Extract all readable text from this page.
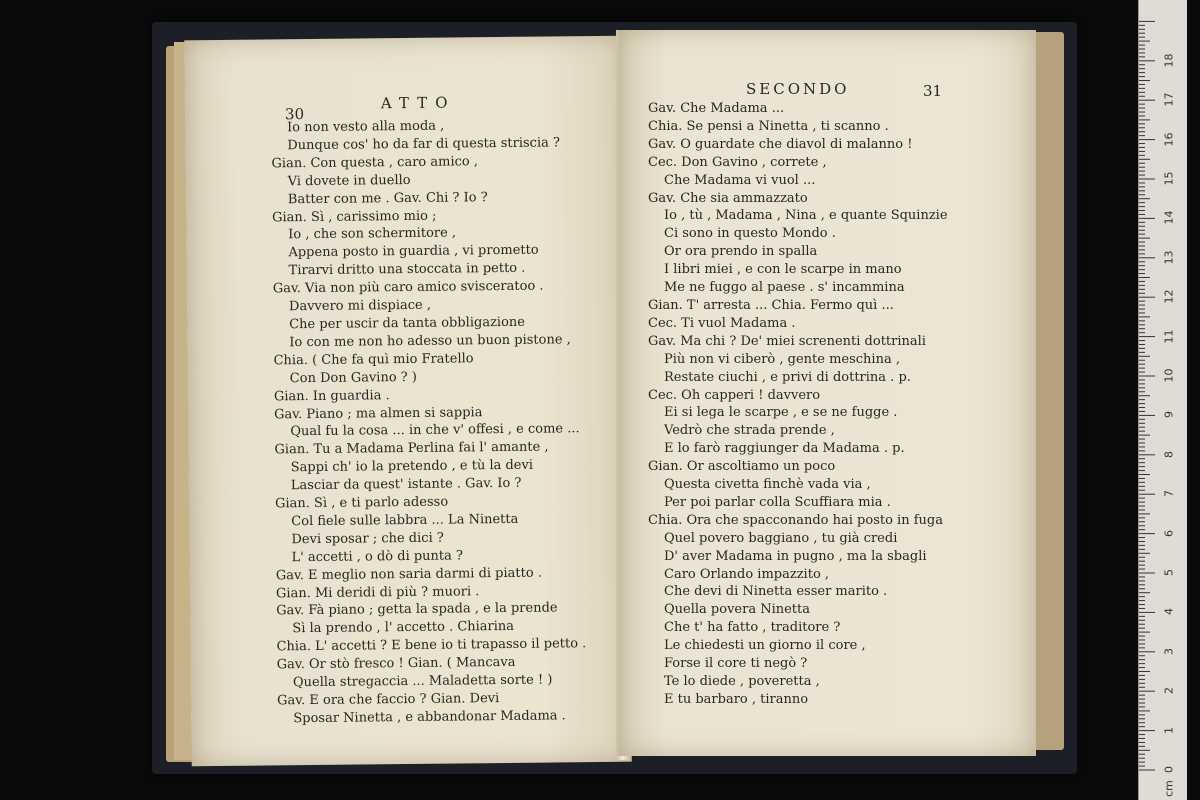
30
ATTO
Io non vesto alla moda ,
Dunque cos' ho da far di questa striscia ?
Gian. Con questa , caro amico ,
Vi dovete in duello
Batter con me . Gav. Chi ? Io ?
Gian. Sì , carissimo mio ;
Io , che son schermitore ,
Appena posto in guardia , vi prometto
Tirarvi dritto una stoccata in petto .
Gav. Via non più caro amico svisceratoo .
Davvero mi dispiace ,
Che per uscir da tanta obbligazione
Io con me non ho adesso un buon pistone ,
Chia. ( Che fa quì mio Fratello
Con Don Gavino ? )
Gian. In guardia .
Gav. Piano ; ma almen si sappia
Qual fu la cosa ... in che v' offesi , e come ...
Gian. Tu a Madama Perlina fai l' amante ,
Sappi ch' io la pretendo , e tù la devi
Lasciar da quest' istante . Gav. Io ?
Gian. Sì , e ti parlo adesso
Col fiele sulle labbra ... La Ninetta
Devi sposar ; che dici ?
L' accetti , o dò di punta ?
Gav. E meglio non saria darmi di piatto .
Gian. Mi deridi di più ? muori .
Gav. Fà piano ; getta la spada , e la prende
Sì la prendo , l' accetto . Chiarina
Chia. L' accetti ? E bene io ti trapasso il petto .
Gav. Or stò fresco ! Gian. ( Mancava
Quella stregaccia ... Maladetta sorte ! )
Gav. E ora che faccio ? Gian. Devi
Sposar Ninetta , e abbandonar Madama .
SECONDO	31
Gav. Che Madama ...
Chia. Se pensi a Ninetta , ti scanno .
Gav. O guardate che diavol di malanno !
Cec. Don Gavino , correte ,
Che Madama vi vuol ...
Gav. Che sia ammazzato
Io , tù , Madama , Nina , e quante Squinzie
Ci sono in questo Mondo .
Or ora prendo in spalla
I libri miei , e con le scarpe in mano
Me ne fuggo al paese . s' incammina
Gian. T' arresta ... Chia. Fermo quì ...
Cec. Ti vuol Madama .
Gav. Ma chi ? De' miei screnenti dottrinali
Più non vi ciberò , gente meschina ,
Restate ciuchi , e privi di dottrina . p.
Cec. Oh capperi ! davvero
Ei si lega le scarpe , e se ne fugge .
Vedrò che strada prende ,
E lo farò raggiunger da Madama . p.
Gian. Or ascoltiamo un poco
Questa civetta finchè vada via ,
Per poi parlar colla Scuffiara mia .
Chia. Ora che spacconando hai posto in fuga
Quel povero baggiano , tu già credi
D' aver Madama in pugno , ma la sbagli
Caro Orlando impazzito ,
Che devi di Ninetta esser marito .
Quella povera Ninetta
Che t' ha fatto , traditore ?
Le chiedesti un giorno il core ,
Forse il core ti negò ?
Te lo diede , poveretta ,
E tu barbaro , tiranno
0
1
2
3
4
5
6
7
8
9
10
11
12
13
14
15
16
17
18
cm
